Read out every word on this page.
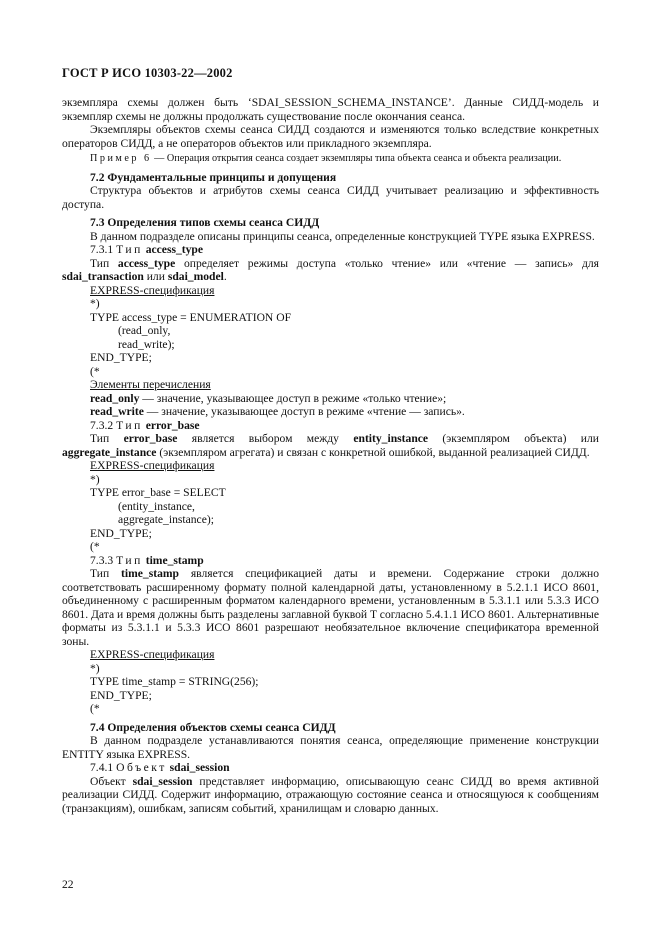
ГОСТ Р ИСО 10303-22—2002

экземпляра схемы должен быть ‘SDAI_SESSION_SCHEMA_INSTANCE’. Данные СИДД-модель и экземпляр схемы не должны продолжать существование после окончания сеанса.

Экземпляры объектов схемы сеанса СИДД создаются и изменяются только вследствие конкретных операторов СИДД, а не операторов объектов или прикладного экземпляра.

Пример 6 — Операция открытия сеанса создает экземпляры типа объекта сеанса и объекта реализации.

7.2 Фундаментальные принципы и допущения

Структура объектов и атрибутов схемы сеанса СИДД учитывает реализацию и эффективность доступа.

7.3 Определения типов схемы сеанса СИДД

В данном подразделе описаны принципы сеанса, определенные конструкцией TYPE языка EXPRESS.

7.3.1 Тип access_type

Тип access_type определяет режимы доступа «только чтение» или «чтение — запись» для sdai_transaction или sdai_model.

EXPRESS-спецификация

*)

TYPE access_type = ENUMERATION OF

(read_only,

read_write);

END_TYPE;

(*

Элементы перечисления

read_only — значение, указывающее доступ в режиме «только чтение»;

read_write — значение, указывающее доступ в режиме «чтение — запись».

7.3.2 Тип error_base

Тип error_base является выбором между entity_instance (экземпляром объекта) или aggregate_instance (экземпляром агрегата) и связан с конкретной ошибкой, выданной реализацией СИДД.

EXPRESS-спецификация

*)

TYPE error_base = SELECT

(entity_instance,

aggregate_instance);

END_TYPE;

(*

7.3.3 Тип time_stamp

Тип time_stamp является спецификацией даты и времени. Содержание строки должно соответствовать расширенному формату полной календарной даты, установленному в 5.2.1.1 ИСО 8601, объединенному с расширенным форматом календарного времени, установленным в 5.3.1.1 или 5.3.3 ИСО 8601. Дата и время должны быть разделены заглавной буквой T согласно 5.4.1.1 ИСО 8601. Альтернативные форматы из 5.3.1.1 и 5.3.3 ИСО 8601 разрешают необязательное включение спецификатора временной зоны.

EXPRESS-спецификация

*)

TYPE time_stamp = STRING(256);

END_TYPE;

(*

7.4 Определения объектов схемы сеанса СИДД

В данном подразделе устанавливаются понятия сеанса, определяющие применение конструкции ENTITY языка EXPRESS.

7.4.1 Объект sdai_session

Объект sdai_session представляет информацию, описывающую сеанс СИДД во время активной реализации СИДД. Содержит информацию, отражающую состояние сеанса и относящуюся к сообщениям (транзакциям), ошибкам, записям событий, хранилищам и словарю данных.

22
